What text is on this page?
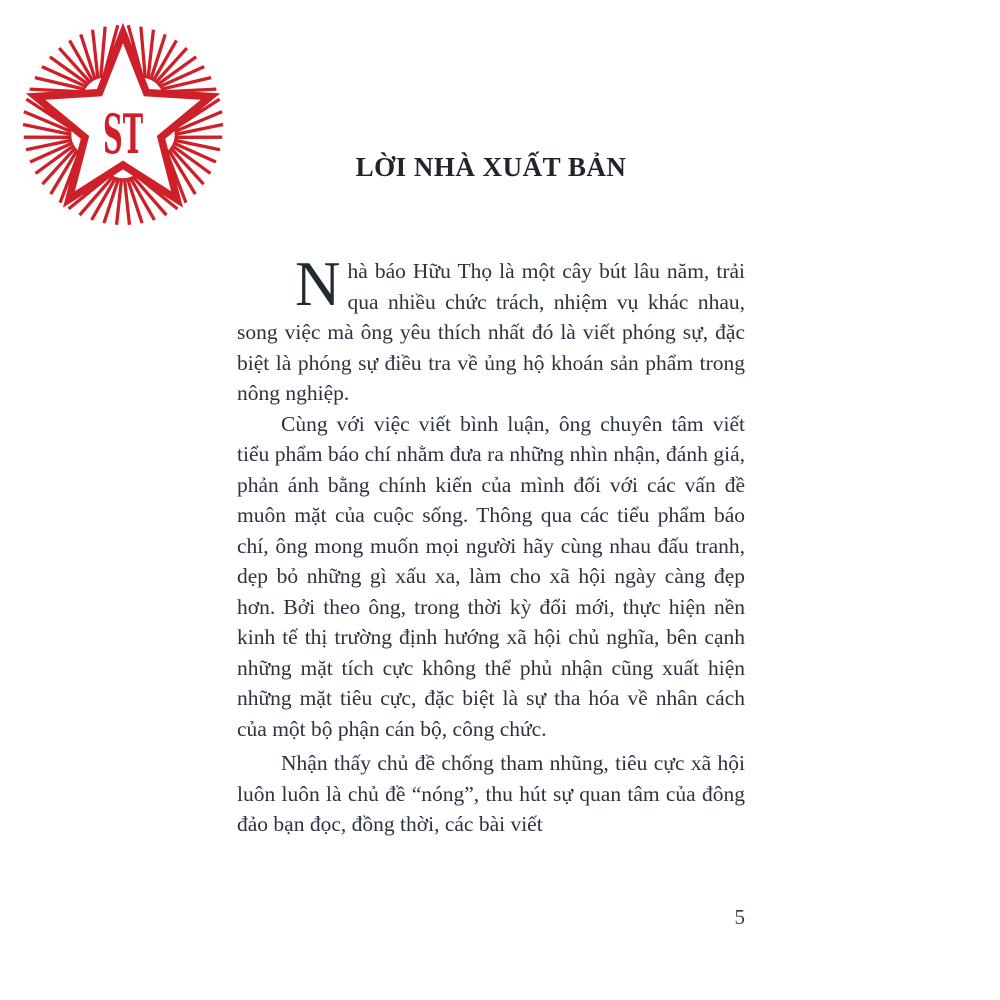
ST
LỜI NHÀ XUẤT BẢN

Nhà báo Hữu Thọ là một cây bút lâu năm, trải qua nhiều chức trách, nhiệm vụ khác nhau, song việc mà ông yêu thích nhất đó là viết phóng sự, đặc biệt là phóng sự điều tra về ủng hộ khoán sản phẩm trong nông nghiệp.

Cùng với việc viết bình luận, ông chuyên tâm viết tiểu phẩm báo chí nhằm đưa ra những nhìn nhận, đánh giá, phản ánh bằng chính kiến của mình đối với các vấn đề muôn mặt của cuộc sống. Thông qua các tiểu phẩm báo chí, ông mong muốn mọi người hãy cùng nhau đấu tranh, dẹp bỏ những gì xấu xa, làm cho xã hội ngày càng đẹp hơn. Bởi theo ông, trong thời kỳ đổi mới, thực hiện nền kinh tế thị trường định hướng xã hội chủ nghĩa, bên cạnh những mặt tích cực không thể phủ nhận cũng xuất hiện những mặt tiêu cực, đặc biệt là sự tha hóa về nhân cách của một bộ phận cán bộ, công chức.

Nhận thấy chủ đề chống tham nhũng, tiêu cực xã hội luôn luôn là chủ đề “nóng”, thu hút sự quan tâm của đông đảo bạn đọc, đồng thời, các bài viết

5
